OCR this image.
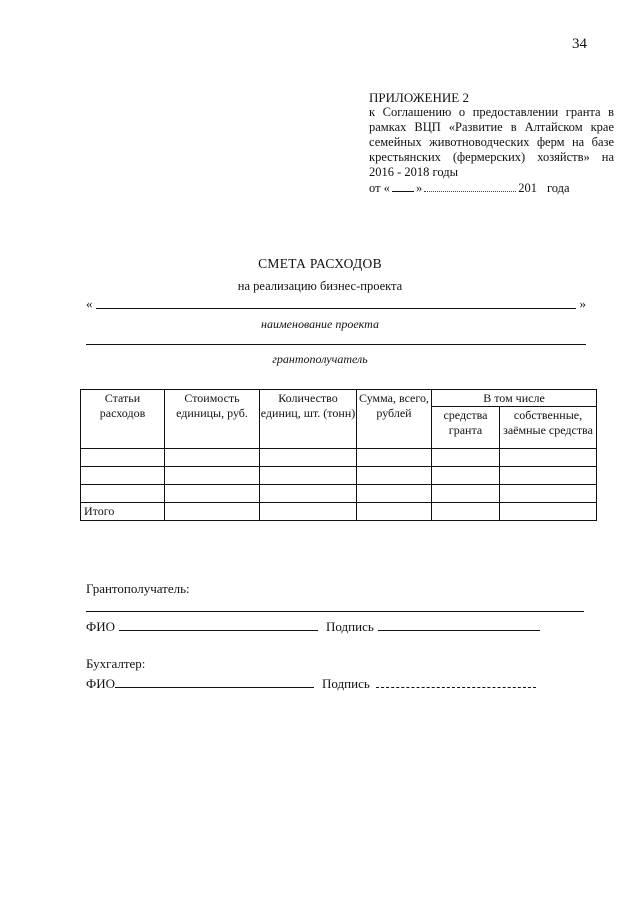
34
ПРИЛОЖЕНИЕ 2
к Соглашению о предоставлении гранта в рамках ВЦП «Развитие в Алтайском крае семейных животноводческих ферм на базе крестьянских (фермерских) хозяйств» на 2016 - 2018 годы
от « »	201 года
СМЕТА РАСХОДОВ
на реализацию бизнес-проекта
«	»
наименование проекта
грантополучатель
Статьи расходов	Стоимость единицы, руб.	Количество единиц, шт. (тонн)	Сумма, всего, рублей	В том числе	
				средства гранта	собственные, заёмные средства

Итого					
Грантополучатель:
ФИО	Подпись
Бухгалтер:
ФИО	Подпись
